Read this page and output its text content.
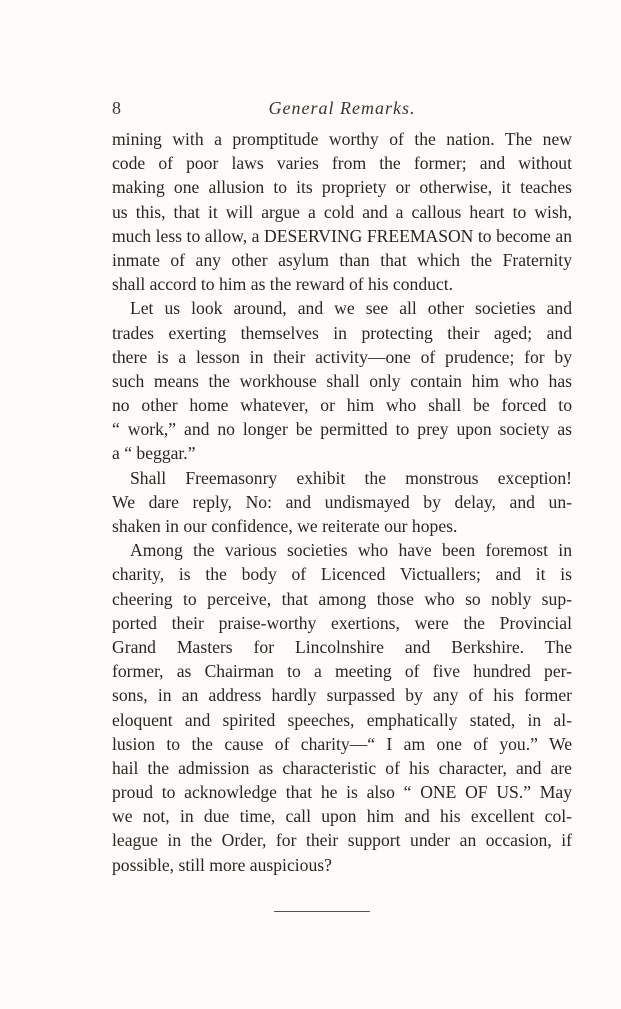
8	General Remarks.
mining with a promptitude worthy of the nation. The new
code of poor laws varies from the former; and without
making one allusion to its propriety or otherwise, it teaches
us this, that it will argue a cold and a callous heart to wish,
much less to allow, a DESERVING FREEMASON to become an
inmate of any other asylum than that which the Fraternity
shall accord to him as the reward of his conduct.
Let us look around, and we see all other societies and
trades exerting themselves in protecting their aged; and
there is a lesson in their activity—one of prudence; for by
such means the workhouse shall only contain him who has
no other home whatever, or him who shall be forced to
“ work,” and no longer be permitted to prey upon society as
a “ beggar.”
Shall Freemasonry exhibit the monstrous exception!
We dare reply, No: and undismayed by delay, and un-
shaken in our confidence, we reiterate our hopes.
Among the various societies who have been foremost in
charity, is the body of Licenced Victuallers; and it is
cheering to perceive, that among those who so nobly sup-
ported their praise-worthy exertions, were the Provincial
Grand Masters for Lincolnshire and Berkshire. The
former, as Chairman to a meeting of five hundred per-
sons, in an address hardly surpassed by any of his former
eloquent and spirited speeches, emphatically stated, in al-
lusion to the cause of charity—“ I am one of you.” We
hail the admission as characteristic of his character, and are
proud to acknowledge that he is also “ ONE OF US.” May
we not, in due time, call upon him and his excellent col-
league in the Order, for their support under an occasion, if
possible, still more auspicious?
